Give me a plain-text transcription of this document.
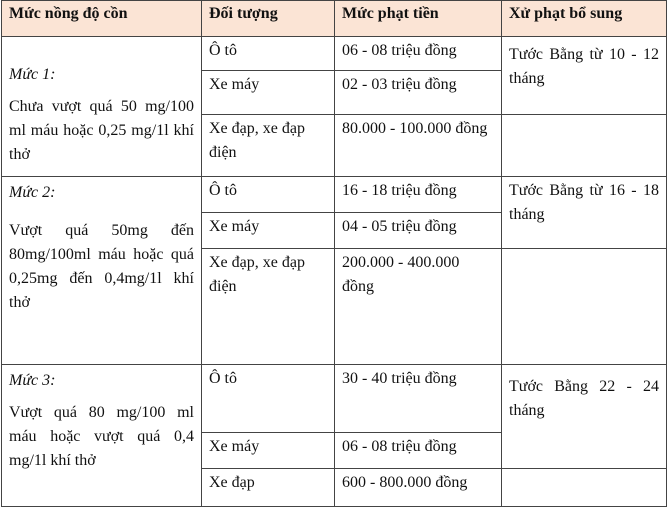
Mức nồng độ cồn	Đối tượng	Mức phạt tiền	Xử phạt bổ sung

Mức 1:
Chưa vượt quá 50 mg/100 ml máu hoặc 0,25 mg/1l khí thở	Ô tô	06 - 08 triệu đồng	Tước Bằng từ 10 - 12 tháng

	Xe máy	02 - 03 triệu đồng	
	Xe đạp, xe đạp điện	80.000 - 100.000 đồng	

Mức 2:
Vượt quá 50mg đến 80mg/100ml máu hoặc quá 0,25mg đến 0,4mg/1l khí thở	Ô tô	16 - 18 triệu đồng	Tước Bằng từ 16 - 18 tháng

	Xe máy	04 - 05 triệu đồng	
	Xe đạp, xe đạp điện	200.000 - 400.000 đồng	

Mức 3:
Vượt quá 80 mg/100 ml máu hoặc vượt quá 0,4 mg/1l khí thở	Ô tô	30 - 40 triệu đồng	Tước Bằng 22 - 24 tháng

	Xe máy	06 - 08 triệu đồng	
	Xe đạp	600 - 800.000 đồng	
